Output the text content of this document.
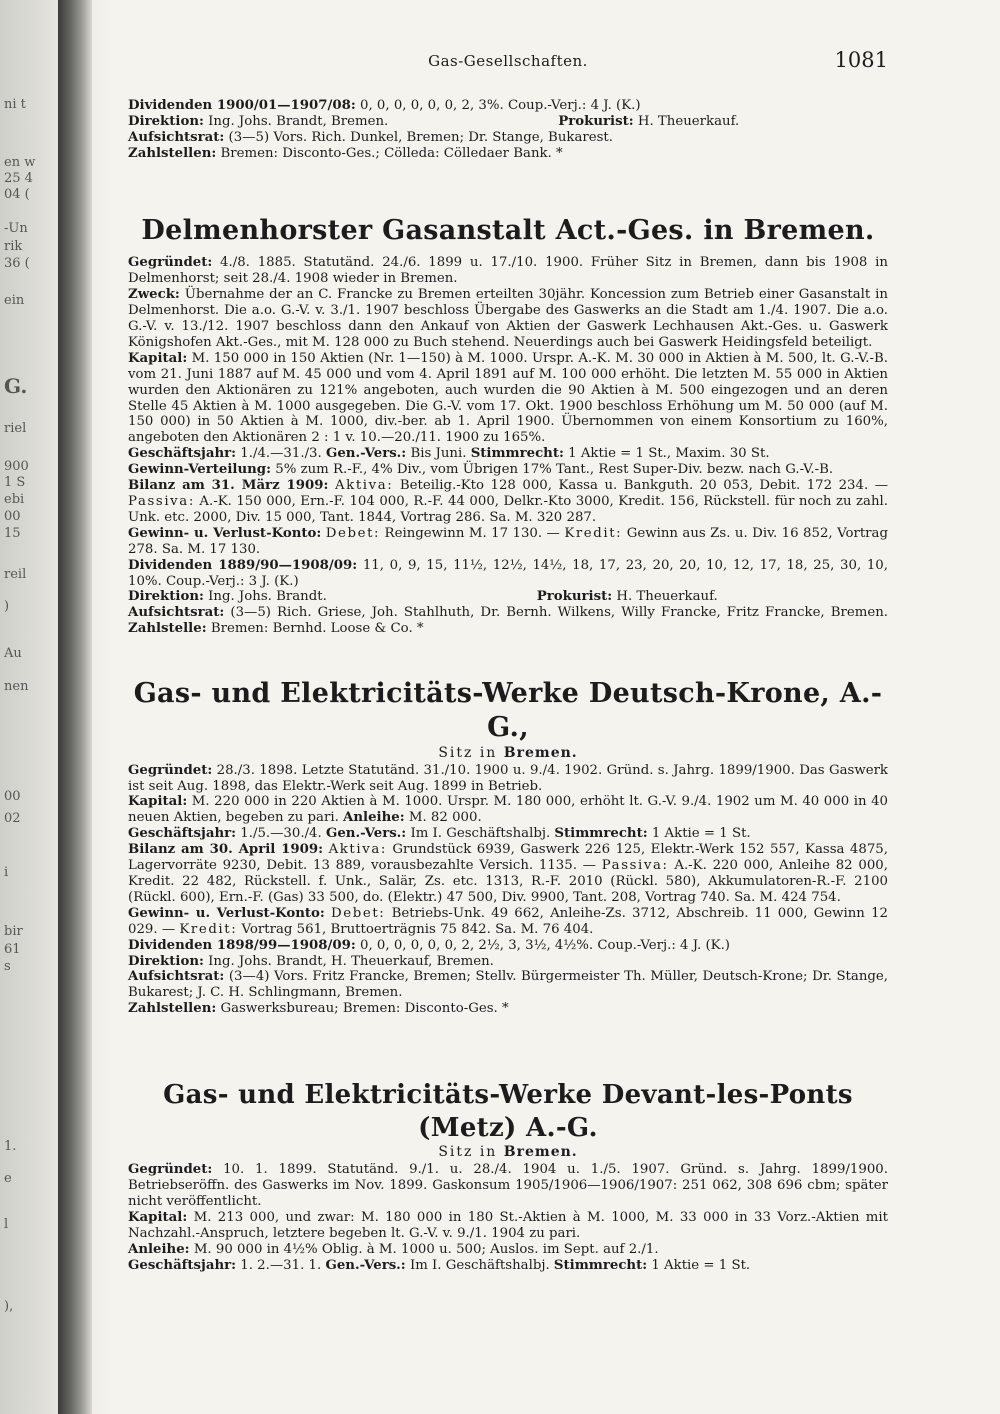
ni t
en w
25 4
04 (
-Un
rik
36 (
ein
G.
riel
900
1 S
ebi
00
15
reil
)
Au
nen
00
02
i
bir
61
s
1.
e
l
),
Gas-Gesellschaften.	1081

Dividenden 1900/01—1907/08: 0, 0, 0, 0, 0, 0, 2, 3%. Coup.-Verj.: 4 J. (K.)

Direktion: Ing. Johs. Brandt, Bremen.	Prokurist: H. Theuerkauf.

Aufsichtsrat: (3—5) Vors. Rich. Dunkel, Bremen; Dr. Stange, Bukarest.

Zahlstellen: Bremen: Disconto-Ges.; Cölleda: Cölledaer Bank. *

Delmenhorster Gasanstalt Act.-Ges. in Bremen.

Gegründet: 4./8. 1885. Statutänd. 24./6. 1899 u. 17./10. 1900. Früher Sitz in Bremen, dann bis 1908 in Delmenhorst; seit 28./4. 1908 wieder in Bremen.

Zweck: Übernahme der an C. Francke zu Bremen erteilten 30jähr. Koncession zum Betrieb einer Gasanstalt in Delmenhorst. Die a.o. G.-V. v. 3./1. 1907 beschloss Übergabe des Gaswerks an die Stadt am 1./4. 1907. Die a.o. G.-V. v. 13./12. 1907 beschloss dann den Ankauf von Aktien der Gaswerk Lechhausen Akt.-Ges. u. Gaswerk Königshofen Akt.-Ges., mit M. 128 000 zu Buch stehend. Neuerdings auch bei Gaswerk Heidingsfeld beteiligt.

Kapital: M. 150 000 in 150 Aktien (Nr. 1—150) à M. 1000. Urspr. A.-K. M. 30 000 in Aktien à M. 500, lt. G.-V.-B. vom 21. Juni 1887 auf M. 45 000 und vom 4. April 1891 auf M. 100 000 erhöht. Die letzten M. 55 000 in Aktien wurden den Aktionären zu 121% angeboten, auch wurden die 90 Aktien à M. 500 eingezogen und an deren Stelle 45 Aktien à M. 1000 ausgegeben. Die G.-V. vom 17. Okt. 1900 beschloss Erhöhung um M. 50 000 (auf M. 150 000) in 50 Aktien à M. 1000, div.-ber. ab 1. April 1900. Übernommen von einem Konsortium zu 160%, angeboten den Aktionären 2 : 1 v. 10.—20./11. 1900 zu 165%.

Geschäftsjahr: 1./4.—31./3. Gen.-Vers.: Bis Juni. Stimmrecht: 1 Aktie = 1 St., Maxim. 30 St.

Gewinn-Verteilung: 5% zum R.-F., 4% Div., vom Übrigen 17% Tant., Rest Super-Div. bezw. nach G.-V.-B.

Bilanz am 31. März 1909: Aktiva: Beteilig.-Kto 128 000, Kassa u. Bankguth. 20 053, Debit. 172 234. — Passiva: A.-K. 150 000, Ern.-F. 104 000, R.-F. 44 000, Delkr.-Kto 3000, Kredit. 156, Rückstell. für noch zu zahl. Unk. etc. 2000, Div. 15 000, Tant. 1844, Vortrag 286. Sa. M. 320 287.

Gewinn- u. Verlust-Konto: Debet: Reingewinn M. 17 130. — Kredit: Gewinn aus Zs. u. Div. 16 852, Vortrag 278. Sa. M. 17 130.

Dividenden 1889/90—1908/09: 11, 0, 9, 15, 11½, 12½, 14½, 18, 17, 23, 20, 20, 10, 12, 17, 18, 25, 30, 10, 10%. Coup.-Verj.: 3 J. (K.)

Direktion: Ing. Johs. Brandt.	Prokurist: H. Theuerkauf.

Aufsichtsrat: (3—5) Rich. Griese, Joh. Stahlhuth, Dr. Bernh. Wilkens, Willy Francke, Fritz Francke, Bremen. Zahlstelle: Bremen: Bernhd. Loose & Co. *

Gas- und Elektricitäts-Werke Deutsch-Krone, A.-G.,

Sitz in Bremen.

Gegründet: 28./3. 1898. Letzte Statutänd. 31./10. 1900 u. 9./4. 1902. Gründ. s. Jahrg. 1899/1900. Das Gaswerk ist seit Aug. 1898, das Elektr.-Werk seit Aug. 1899 in Betrieb.

Kapital: M. 220 000 in 220 Aktien à M. 1000. Urspr. M. 180 000, erhöht lt. G.-V. 9./4. 1902 um M. 40 000 in 40 neuen Aktien, begeben zu pari. Anleihe: M. 82 000.

Geschäftsjahr: 1./5.—30./4. Gen.-Vers.: Im I. Geschäftshalbj. Stimmrecht: 1 Aktie = 1 St.

Bilanz am 30. April 1909: Aktiva: Grundstück 6939, Gaswerk 226 125, Elektr.-Werk 152 557, Kassa 4875, Lagervorräte 9230, Debit. 13 889, vorausbezahlte Versich. 1135. — Passiva: A.-K. 220 000, Anleihe 82 000, Kredit. 22 482, Rückstell. f. Unk., Salär, Zs. etc. 1313, R.-F. 2010 (Rückl. 580), Akkumulatoren-R.-F. 2100 (Rückl. 600), Ern.-F. (Gas) 33 500, do. (Elektr.) 47 500, Div. 9900, Tant. 208, Vortrag 740. Sa. M. 424 754.

Gewinn- u. Verlust-Konto: Debet: Betriebs-Unk. 49 662, Anleihe-Zs. 3712, Abschreib. 11 000, Gewinn 12 029. — Kredit: Vortrag 561, Bruttoerträgnis 75 842. Sa. M. 76 404.

Dividenden 1898/99—1908/09: 0, 0, 0, 0, 0, 0, 2, 2½, 3, 3½, 4½%. Coup.-Verj.: 4 J. (K.)

Direktion: Ing. Johs. Brandt, H. Theuerkauf, Bremen.

Aufsichtsrat: (3—4) Vors. Fritz Francke, Bremen; Stellv. Bürgermeister Th. Müller, Deutsch-Krone; Dr. Stange, Bukarest; J. C. H. Schlingmann, Bremen.

Zahlstellen: Gaswerksbureau; Bremen: Disconto-Ges. *

Gas- und Elektricitäts-Werke Devant-les-Ponts (Metz) A.-G.

Sitz in Bremen.

Gegründet: 10. 1. 1899. Statutänd. 9./1. u. 28./4. 1904 u. 1./5. 1907. Gründ. s. Jahrg. 1899/1900. Betriebseröffn. des Gaswerks im Nov. 1899. Gaskonsum 1905/1906—1906/1907: 251 062, 308 696 cbm; später nicht veröffentlicht.

Kapital: M. 213 000, und zwar: M. 180 000 in 180 St.-Aktien à M. 1000, M. 33 000 in 33 Vorz.-Aktien mit Nachzahl.-Anspruch, letztere begeben lt. G.-V. v. 9./1. 1904 zu pari.

Anleihe: M. 90 000 in 4½% Oblig. à M. 1000 u. 500; Auslos. im Sept. auf 2./1.

Geschäftsjahr: 1. 2.—31. 1. Gen.-Vers.: Im I. Geschäftshalbj. Stimmrecht: 1 Aktie = 1 St.
